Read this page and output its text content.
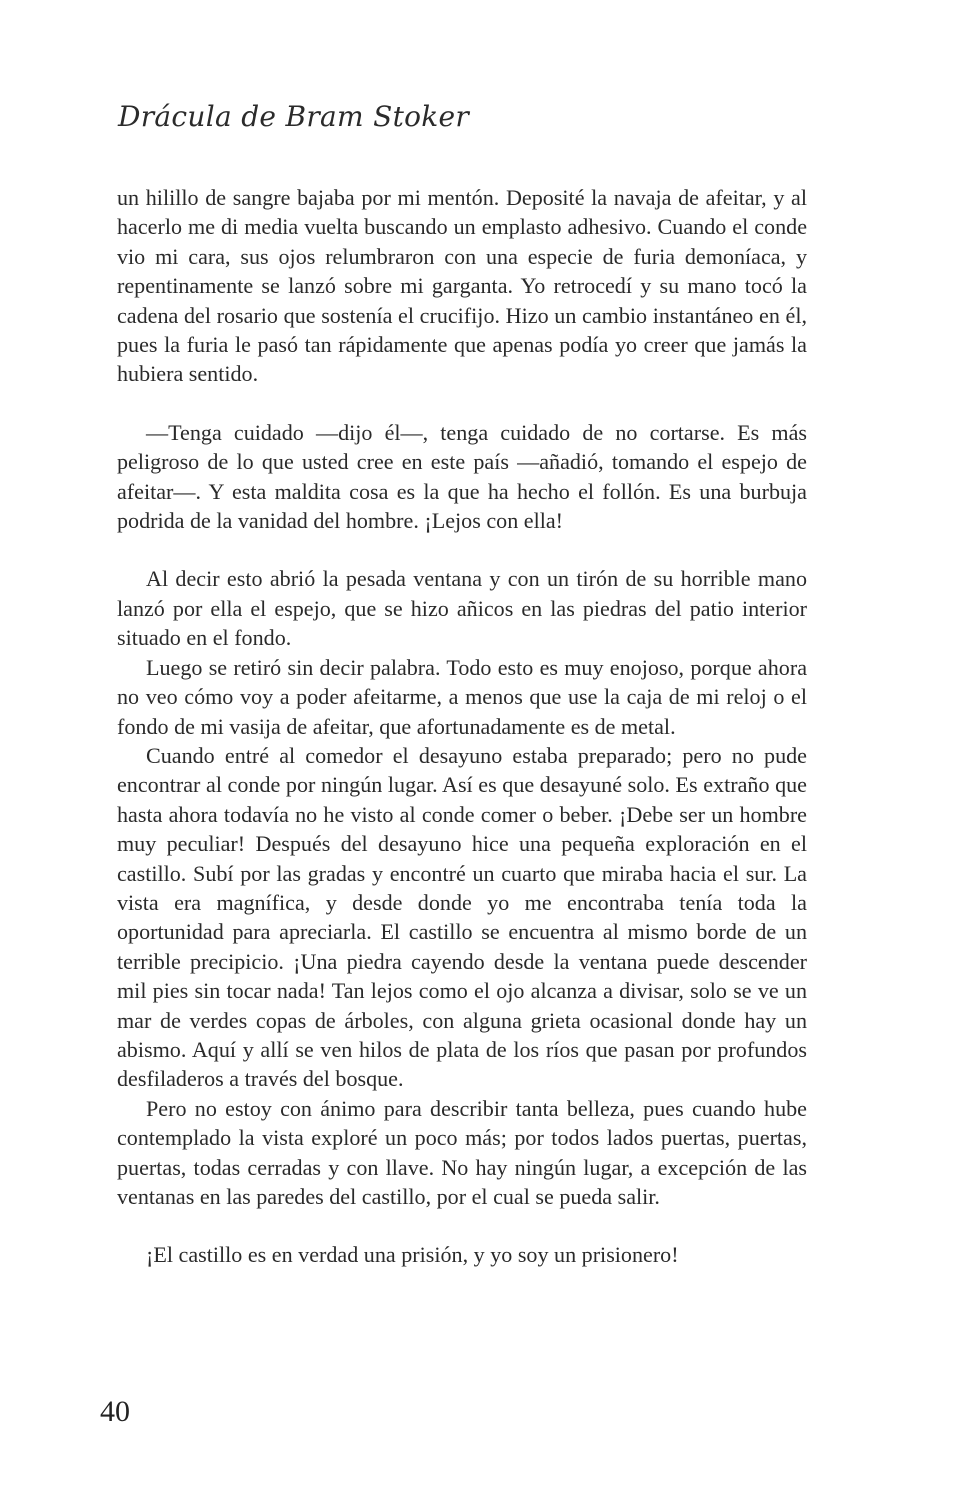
Drácula de Bram Stoker

un hilillo de sangre bajaba por mi mentón. Deposité la navaja de afeitar, y al hacerlo me di media vuelta buscando un emplasto adhesivo. Cuando el conde vio mi cara, sus ojos relumbraron con una especie de furia demoníaca, y repentinamente se lanzó sobre mi garganta. Yo retrocedí y su mano tocó la cadena del rosario que sostenía el crucifijo. Hizo un cambio instantáneo en él, pues la furia le pasó tan rápidamente que apenas podía yo creer que jamás la hubiera sentido.

—Tenga cuidado —dijo él—, tenga cuidado de no cortarse. Es más peligroso de lo que usted cree en este país —añadió, tomando el espejo de afeitar—. Y esta maldita cosa es la que ha hecho el follón. Es una burbuja podrida de la vanidad del hombre. ¡Lejos con ella!

Al decir esto abrió la pesada ventana y con un tirón de su horrible mano lanzó por ella el espejo, que se hizo añicos en las piedras del patio interior situado en el fondo.

Luego se retiró sin decir palabra. Todo esto es muy enojoso, porque ahora no veo cómo voy a poder afeitarme, a menos que use la caja de mi reloj o el fondo de mi vasija de afeitar, que afortunadamente es de metal.

Cuando entré al comedor el desayuno estaba preparado; pero no pude encontrar al conde por ningún lugar. Así es que desayuné solo. Es extraño que hasta ahora todavía no he visto al conde comer o beber. ¡Debe ser un hombre muy peculiar! Después del desayuno hice una pequeña exploración en el castillo. Subí por las gradas y encontré un cuarto que miraba hacia el sur. La vista era magnífica, y desde donde yo me encontraba tenía toda la oportunidad para apreciarla. El castillo se encuentra al mismo borde de un terrible precipicio. ¡Una piedra cayendo desde la ventana puede descender mil pies sin tocar nada! Tan lejos como el ojo alcanza a divisar, solo se ve un mar de verdes copas de árboles, con alguna grieta ocasional donde hay un abismo. Aquí y allí se ven hilos de plata de los ríos que pasan por profundos desfiladeros a través del bosque.

Pero no estoy con ánimo para describir tanta belleza, pues cuando hube contemplado la vista exploré un poco más; por todos lados puertas, puertas, puertas, todas cerradas y con llave. No hay ningún lugar, a excepción de las ventanas en las paredes del castillo, por el cual se pueda salir.

¡El castillo es en verdad una prisión, y yo soy un prisionero!

40
